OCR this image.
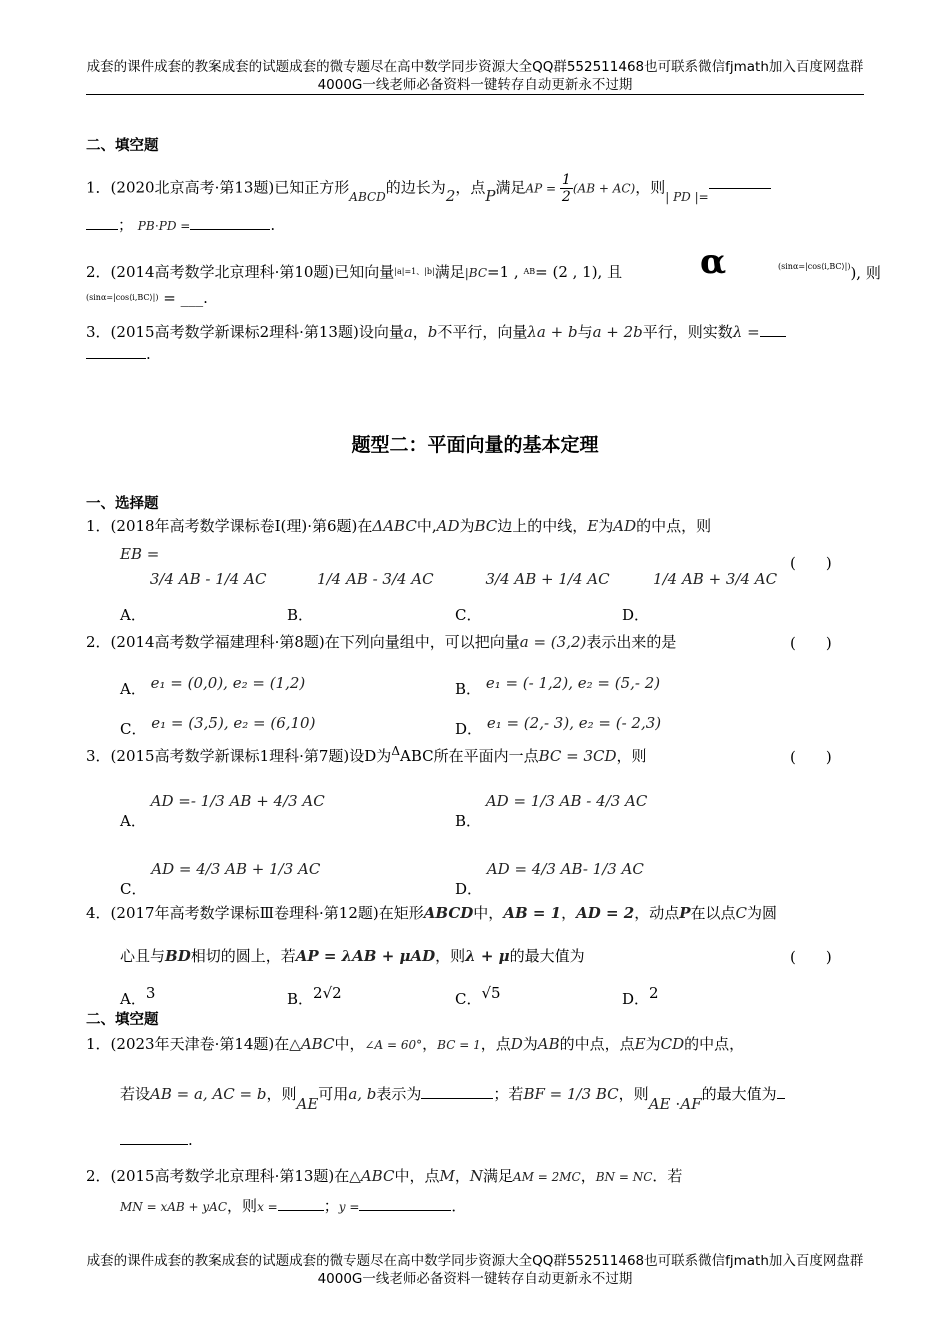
成套的课件成套的教案成套的试题成套的微专题尽在高中数学同步资源大全QQ群552511468也可联系微信fjmath加入百度网盘群4000G一线老师必备资料一键转存自动更新永不过期
二、填空题
1．(2020北京高考·第13题)已知正方形$_{ABCD}$的边长为2，点P满足AP = $\frac{1}{2} (AB + AC)$，则$_{| PD |=}$
； PB⋅PD =	.
2．(2014高考数学北京理科·第10题)已知向量$^{|a|=1、|b|}$满足|BC=1 , $^{AB}$= (2 , 1), 且	α	$^{(sin\alpha=|cos⟨i,BC⟩|)}$), 则
$^{(sin\alpha=|cos⟨i,BC⟩|)}$ = ___.
3．(2015高考数学新课标2理科·第13题)设向量a，b不平行，向量λa + b与a + 2b平行，则实数λ =
.
题型二：平面向量的基本定理
一、选择题
1．(2018年高考数学课标卷Ⅰ(理)·第6题)在ΔABC中,AD为BC边上的中线，E为AD的中点，则
EB =	(　　)
A．3/4 AB - 1/4 AC
B．1/4 AB - 3/4 AC
C．3/4 AB + 1/4 AC
D．1/4 AB + 3/4 AC
2．(2014高考数学福建理科·第8题)在下列向量组中，可以把向量a = (3,2)表示出来的是	(　　)
A． e₁ = (0,0), e₂ = (1,2)	B． e₁ = (- 1,2), e₂ = (5,- 2)
C． e₁ = (3,5), e₂ = (6,10)	D． e₁ = (2,- 3), e₂ = (- 2,3)
3．(2015高考数学新课标1理科·第7题)设D为$^\Delta$ABC所在平面内一点BC = 3CD，则	(　　)
A． AD =- 1/3 AB + 4/3 AC
B． AD = 1/3 AB - 4/3 AC
C． AD = 4/3 AB + 1/3 AC
D． AD = 4/3 AB- 1/3 AC
4．(2017年高考数学课标Ⅲ卷理科·第12题)在矩形ABCD中，AB = 1，AD = 2，动点P在以点C为圆
心且与BD相切的圆上，若AP = λAB + μAD，则λ + μ的最大值为	(　　)
A．3	B．2√2	C．√5	D．2
二、填空题
1．(2023年天津卷·第14题)在△ABC中，∠A = 60°，BC = 1，点D为AB的中点，点E为CD的中点，
若设AB = a, AC = b，则AE可用a, b表示为	；若BF = 1/3 BC，则AE ⋅AF的最大值为
.
2．(2015高考数学北京理科·第13题)在△ABC中，点M，N满足AM = 2MC，BN = NC．若
MN = xAB + yAC，则x =	；y =	．
成套的课件成套的教案成套的试题成套的微专题尽在高中数学同步资源大全QQ群552511468也可联系微信fjmath加入百度网盘群4000G一线老师必备资料一键转存自动更新永不过期
